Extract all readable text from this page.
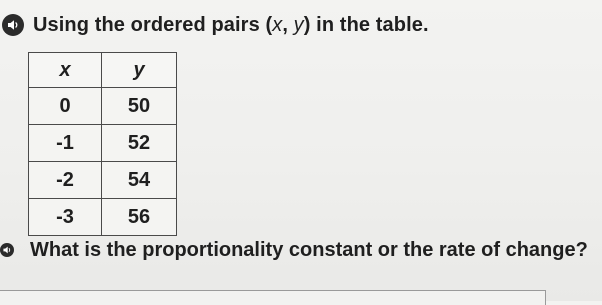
Using the ordered pairs (x, y) in the table.
x	y
0	50
-1	52
-2	54
-3	56
What is the proportionality constant or the rate of change?
